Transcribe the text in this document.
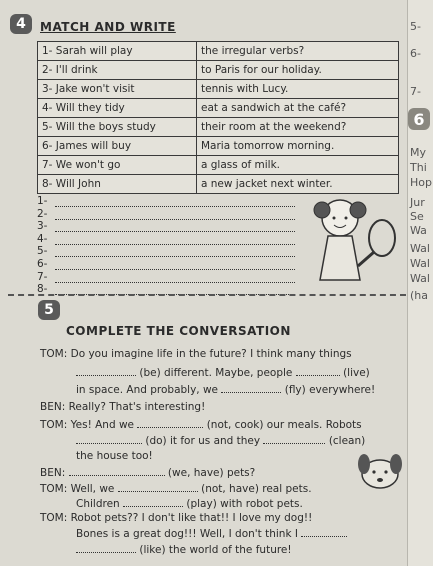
4	MATCH AND WRITE
1- Sarah will play	the irregular verbs?
2- I'll drink	to Paris for our holiday.
3- Jake won't visit	tennis with Lucy.
4- Will they tidy	eat a sandwich at the café?
5- Will the boys study	their room at the weekend?
6- James will buy	Maria tomorrow morning.
7- We won't go	a glass of milk.
8- Will John	a new jacket next winter.
1-
2-
3-
4-
5-
6-
7-
8-
5
COMPLETE THE CONVERSATION
TOM: Do you imagine life in the future? I think many things
(be) different. Maybe, people	(live)
in space. And probably, we	(fly) everywhere!
BEN: Really? That's interesting!
TOM: Yes! And we	(not, cook) our meals. Robots
(do) it for us and they	(clean)
the house too!
BEN:	(we, have) pets?
TOM: Well, we	(not, have) real pets.
Children	(play) with robot pets.
TOM: Robot pets?? I don't like that!! I love my dog!!
Bones is a great dog!!! Well, I don't think I
(like) the world of the future!
6
5-
6-
7-
My
Thi
Hop
Jur
Se
Wa
Wal
Wal
Wal
(ha
